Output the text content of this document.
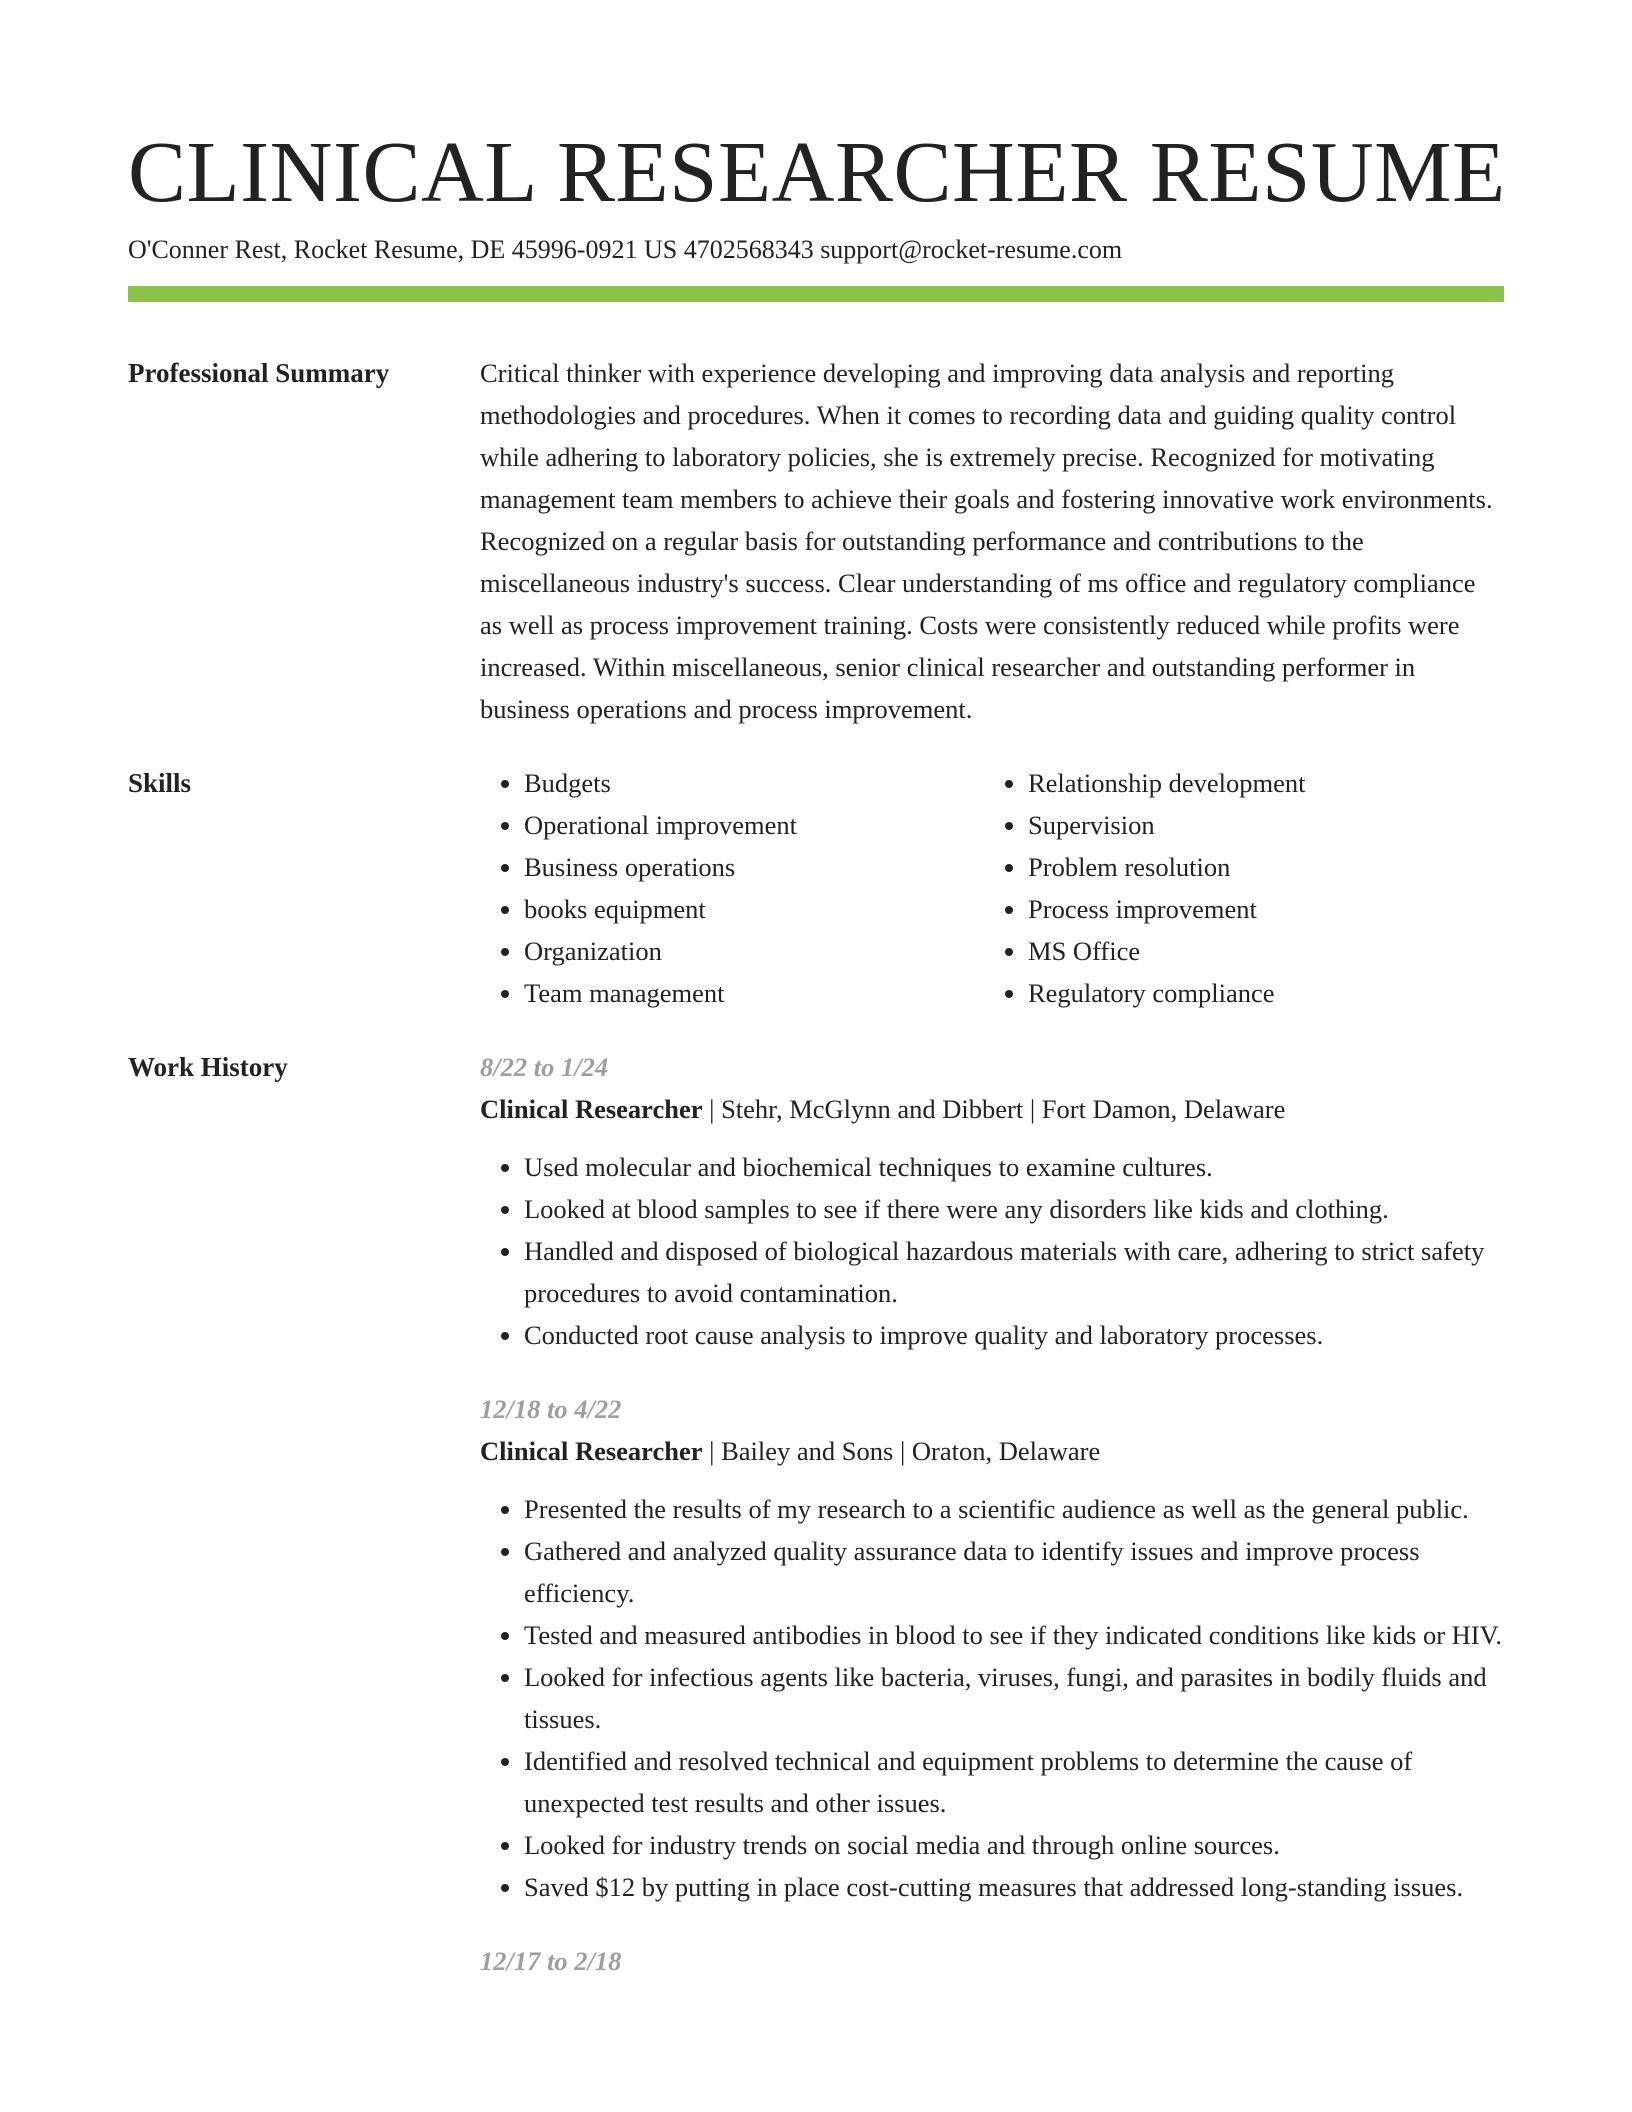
CLINICAL RESEARCHER RESUME
O'Conner Rest, Rocket Resume, DE 45996-0921 US 4702568343 support@rocket-resume.com
Professional Summary	Critical thinker with experience developing and improving data analysis and reporting methodologies and procedures. When it comes to recording data and guiding quality control while adhering to laboratory policies, she is extremely precise. Recognized for motivating management team members to achieve their goals and fostering innovative work environments. Recognized on a regular basis for outstanding performance and contributions to the miscellaneous industry's success. Clear understanding of ms office and regulatory compliance as well as process improvement training. Costs were consistently reduced while profits were increased. Within miscellaneous, senior clinical researcher and outstanding performer in business operations and process improvement.

Skills	• Budgets
• Operational improvement
• Business operations
• books equipment
• Organization
• Team management
• Relationship development
• Supervision
• Problem resolution
• Process improvement
• MS Office
• Regulatory compliance
Work History	8/22 to 1/24
Clinical Researcher | Stehr, McGlynn and Dibbert | Fort Damon, Delaware
• Used molecular and biochemical techniques to examine cultures.
• Looked at blood samples to see if there were any disorders like kids and clothing.
• Handled and disposed of biological hazardous materials with care, adhering to strict safety procedures to avoid contamination.
• Conducted root cause analysis to improve quality and laboratory processes.
12/18 to 4/22
Clinical Researcher | Bailey and Sons | Oraton, Delaware
• Presented the results of my research to a scientific audience as well as the general public.
• Gathered and analyzed quality assurance data to identify issues and improve process efficiency.
• Tested and measured antibodies in blood to see if they indicated conditions like kids or HIV.
• Looked for infectious agents like bacteria, viruses, fungi, and parasites in bodily fluids and tissues.
• Identified and resolved technical and equipment problems to determine the cause of unexpected test results and other issues.
• Looked for industry trends on social media and through online sources.
• Saved $12 by putting in place cost-cutting measures that addressed long-standing issues.
12/17 to 2/18
